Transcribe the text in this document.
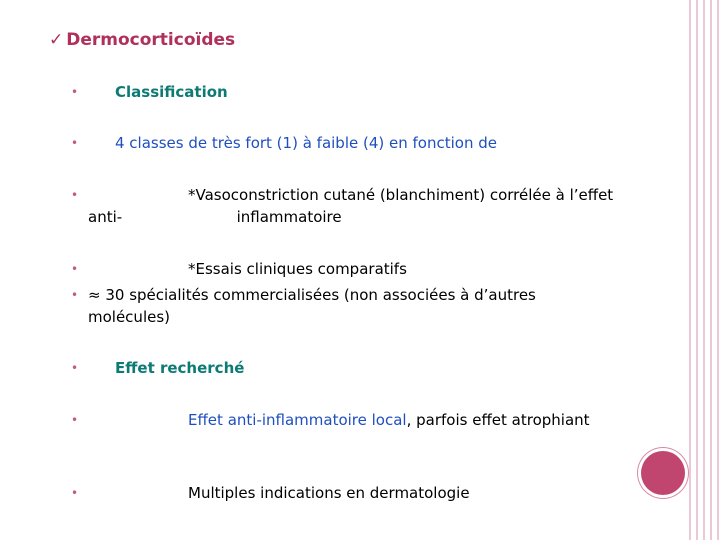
✓ Dermocorticoïdes
•	Classification
•	4 classes de très fort (1) à faible (4) en fonction de
•	*Vasoconstriction cutané (blanchiment) corrélée à l’effet anti-                        inflammatoire
•	*Essais cliniques comparatifs
• ≈ 30 spécialités commercialisées (non associées à d’autres molécules)
•	Effet recherché
•	Effet anti-inflammatoire local, parfois effet atrophiant
•	Multiples indications en dermatologie
